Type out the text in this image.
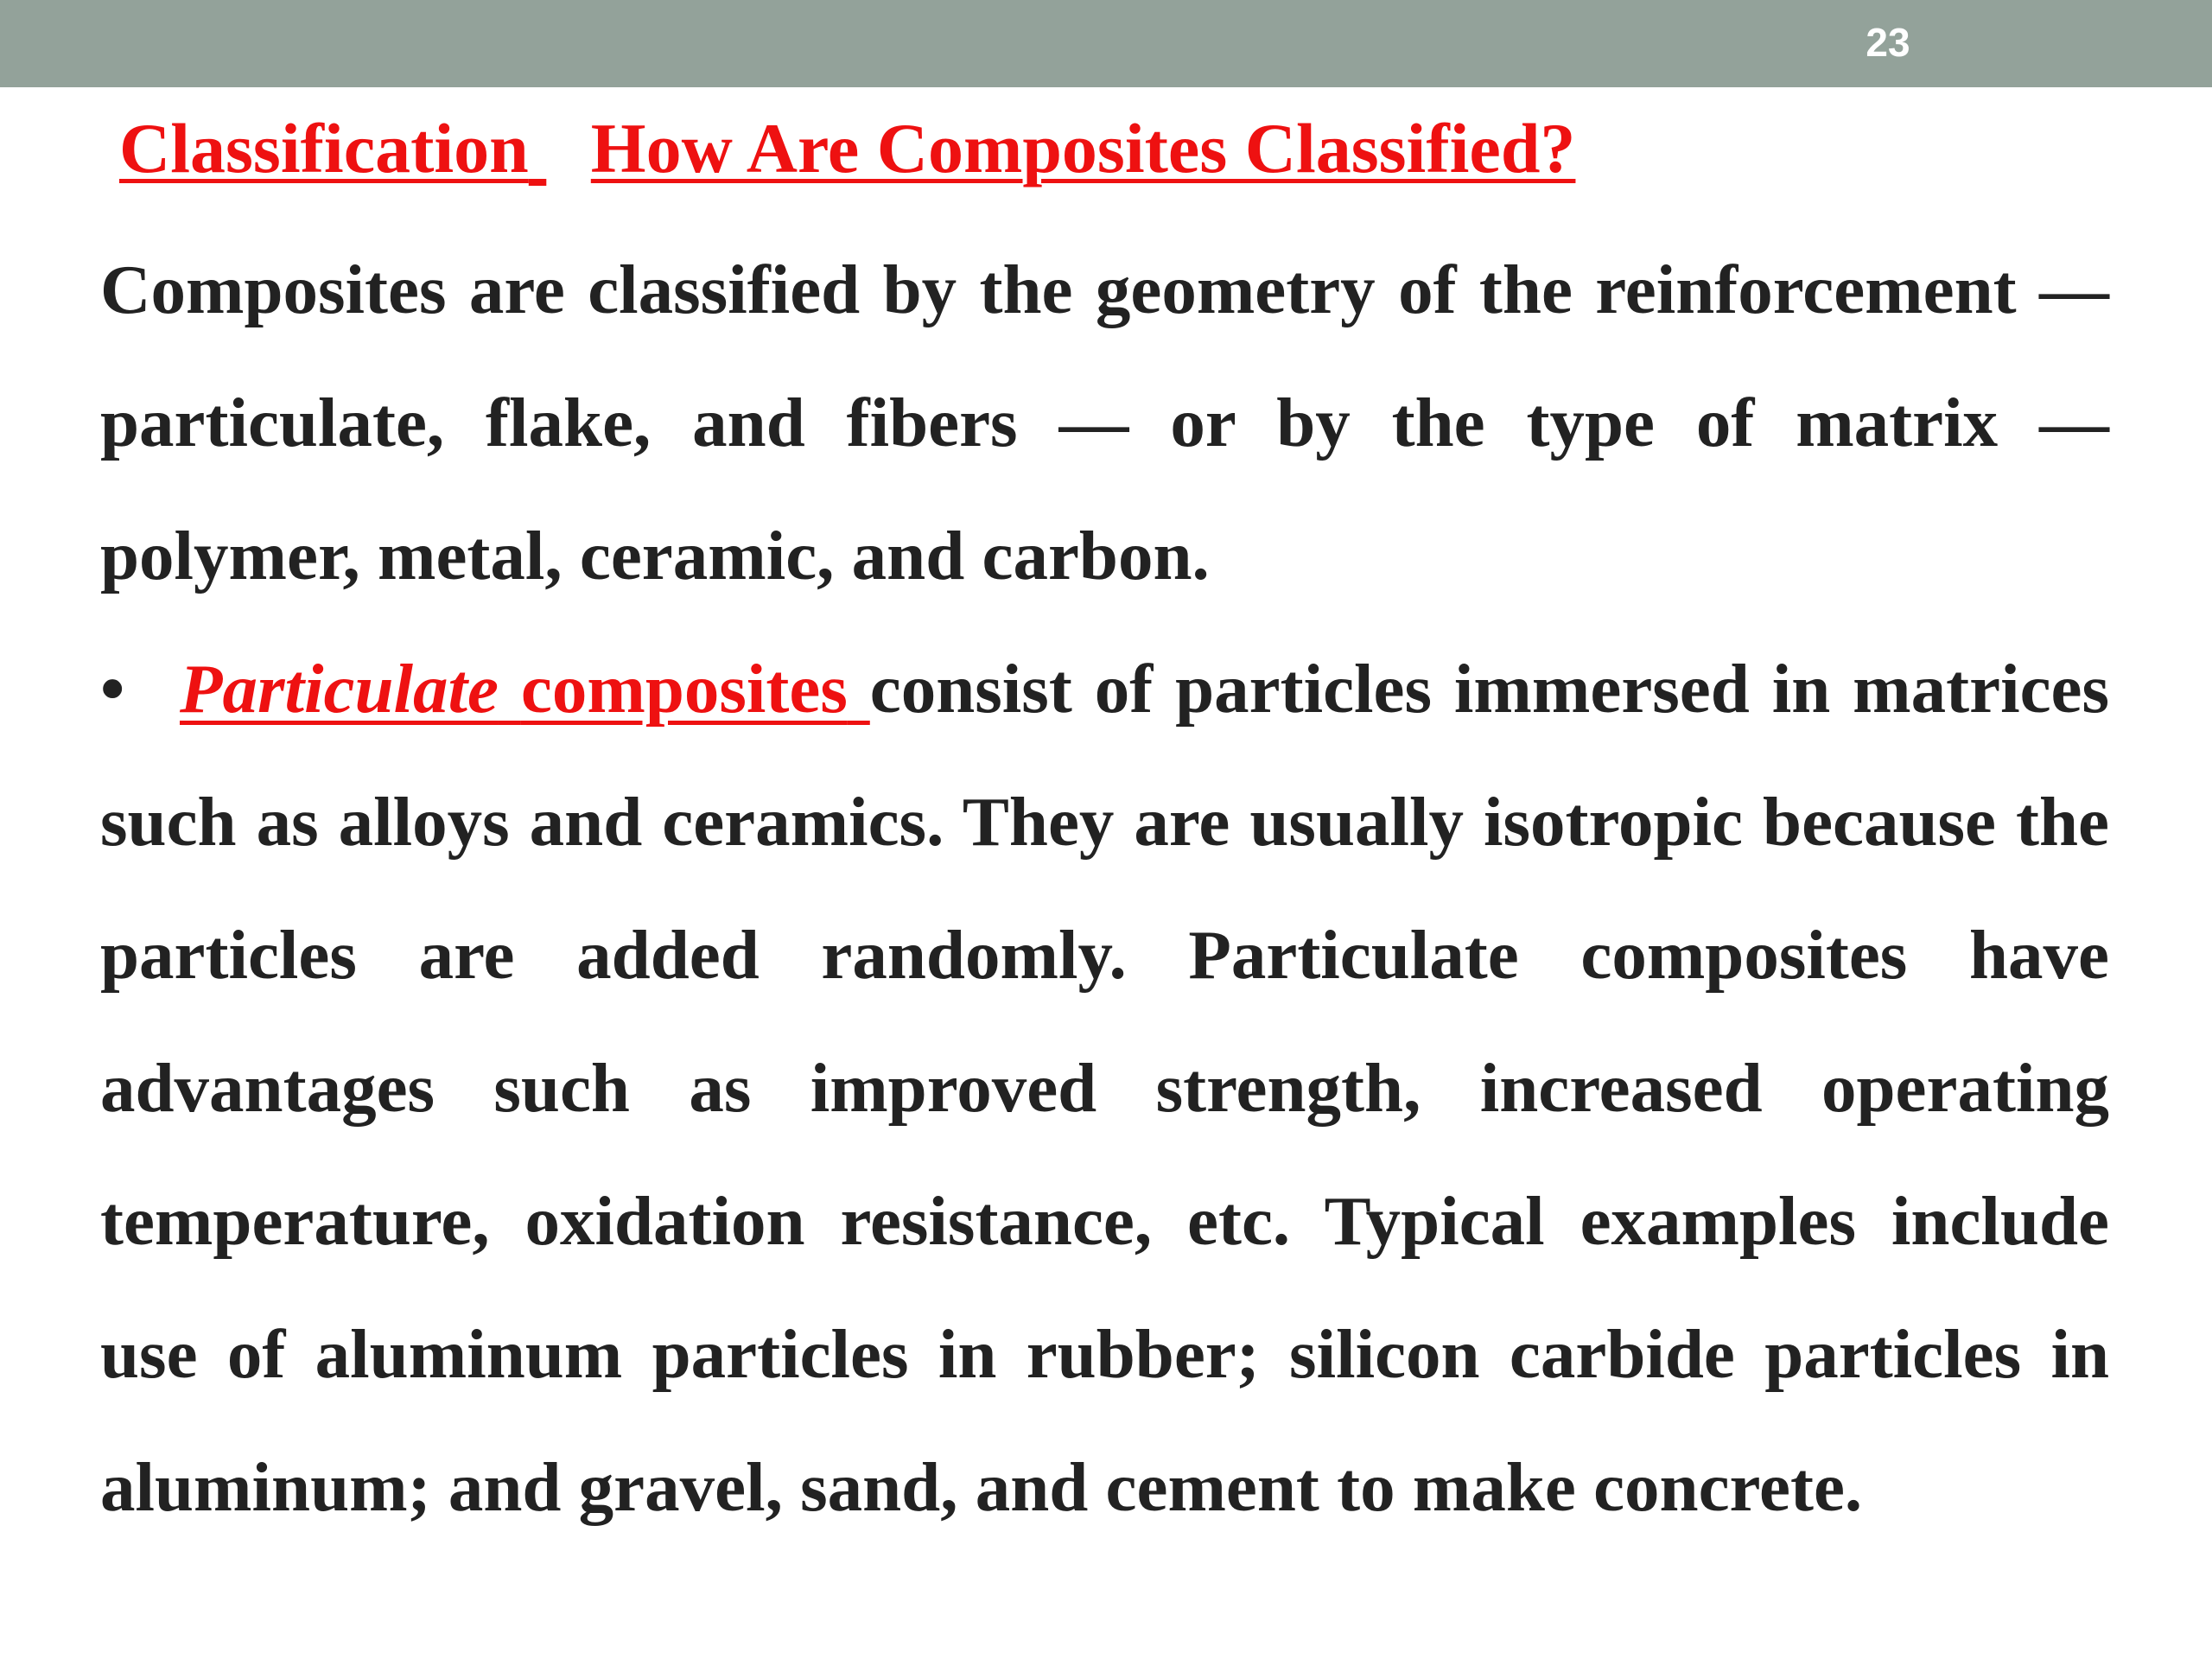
23
Classification How Are Composites Classified?

Composites are classified by the geometry of the reinforcement — particulate, flake, and fibers — or by the type of matrix — polymer, metal, ceramic, and carbon.

• Particulate composites consist of particles immersed in matrices such as alloys and ceramics. They are usually isotropic because the particles are added randomly. Particulate composites have advantages such as improved strength, increased operating temperature, oxidation resistance, etc. Typical examples include use of aluminum particles in rubber; silicon carbide particles in aluminum; and gravel, sand, and cement to make concrete.
